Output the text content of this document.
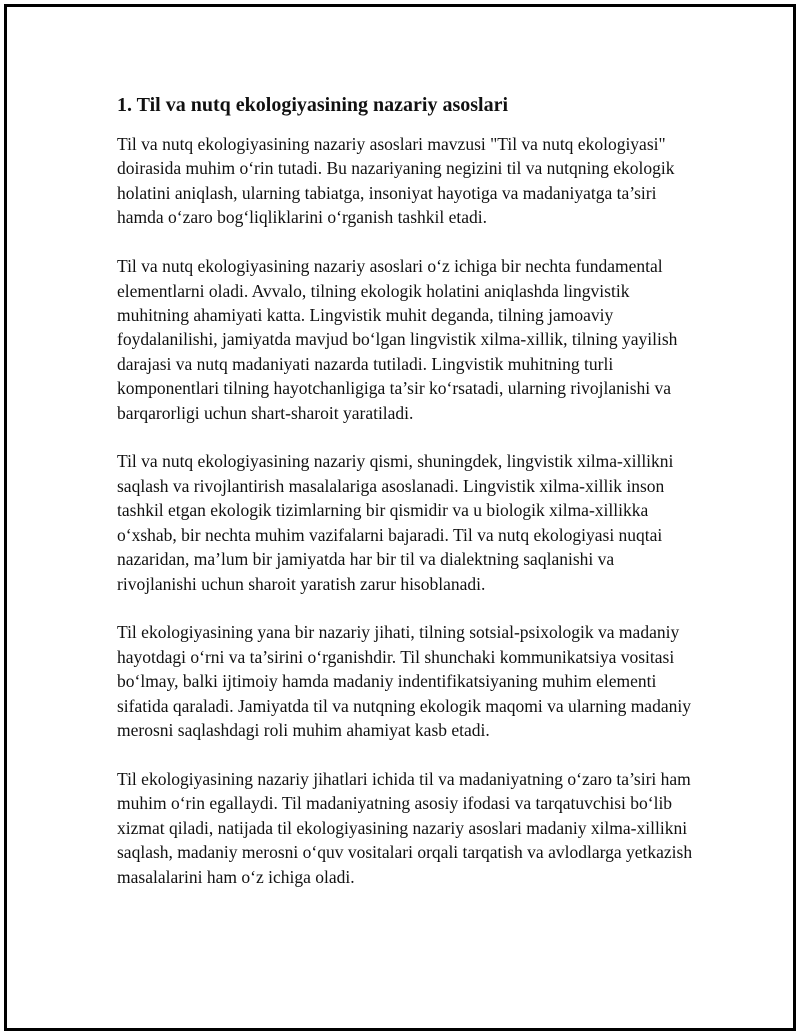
1. Til va nutq ekologiyasining nazariy asoslari

Til va nutq ekologiyasining nazariy asoslari mavzusi "Til va nutq ekologiyasi" doirasida muhim o‘rin tutadi. Bu nazariyaning negizini til va nutqning ekologik holatini aniqlash, ularning tabiatga, insoniyat hayotiga va madaniyatga ta’siri hamda o‘zaro bog‘liqliklarini o‘rganish tashkil etadi.

Til va nutq ekologiyasining nazariy asoslari o‘z ichiga bir nechta fundamental elementlarni oladi. Avvalo, tilning ekologik holatini aniqlashda lingvistik muhitning ahamiyati katta. Lingvistik muhit deganda, tilning jamoaviy foydalanilishi, jamiyatda mavjud bo‘lgan lingvistik xilma-xillik, tilning yayilish darajasi va nutq madaniyati nazarda tutiladi. Lingvistik muhitning turli komponentlari tilning hayotchanligiga ta’sir ko‘rsatadi, ularning rivojlanishi va barqarorligi uchun shart-sharoit yaratiladi.

Til va nutq ekologiyasining nazariy qismi, shuningdek, lingvistik xilma-xillikni saqlash va rivojlantirish masalalariga asoslanadi. Lingvistik xilma-xillik inson tashkil etgan ekologik tizimlarning bir qismidir va u biologik xilma-xillikka o‘xshab, bir nechta muhim vazifalarni bajaradi. Til va nutq ekologiyasi nuqtai nazaridan, ma’lum bir jamiyatda har bir til va dialektning saqlanishi va rivojlanishi uchun sharoit yaratish zarur hisoblanadi.

Til ekologiyasining yana bir nazariy jihati, tilning sotsial-psixologik va madaniy hayotdagi o‘rni va ta’sirini o‘rganishdir. Til shunchaki kommunikatsiya vositasi bo‘lmay, balki ijtimoiy hamda madaniy indentifikatsiyaning muhim elementi sifatida qaraladi. Jamiyatda til va nutqning ekologik maqomi va ularning madaniy merosni saqlashdagi roli muhim ahamiyat kasb etadi.

Til ekologiyasining nazariy jihatlari ichida til va madaniyatning o‘zaro ta’siri ham muhim o‘rin egallaydi. Til madaniyatning asosiy ifodasi va tarqatuvchisi bo‘lib xizmat qiladi, natijada til ekologiyasining nazariy asoslari madaniy xilma-xillikni saqlash, madaniy merosni o‘quv vositalari orqali tarqatish va avlodlarga yetkazish masalalarini ham o‘z ichiga oladi.
